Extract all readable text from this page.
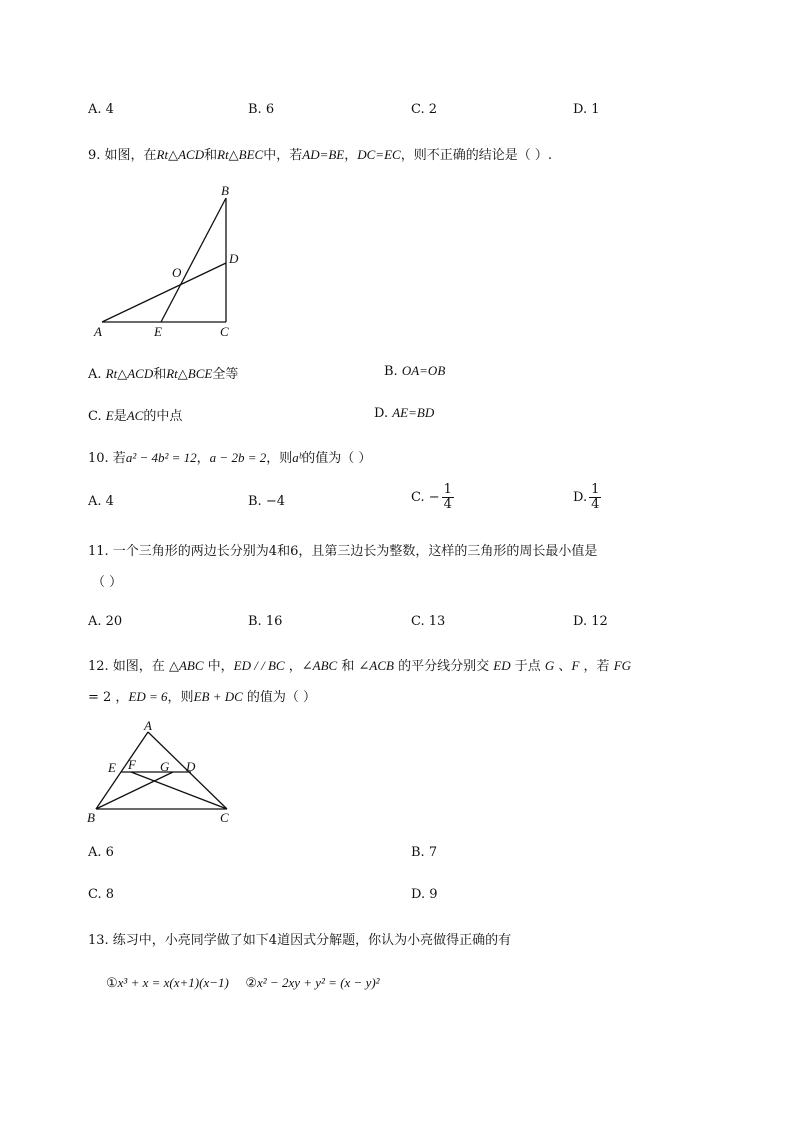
A. 4	B. 6	C. 2	D. 1
9. 如图，在Rt△ACD和Rt△BEC中，若AD=BE，DC=EC，则不正确的结论是（ ）.
B
D
O
A	E	C
A. Rt△ACD和Rt△BCE全等	B. OA=OB
C. E是AC的中点	D. AE=BD
10. 若a² − 4b² = 12，a − 2b = 2，则aᵇ的值为（ ）
A. 4	B. −4	C. − $\frac{1}{4}$	D. $\frac{1}{4}$
11. 一个三角形的两边长分别为4和6，且第三边长为整数，这样的三角形的周长最小值是
（ ）
A. 20	B. 16	C. 13	D. 12
12. 如图，在 △ABC 中，ED / / BC ，∠ABC 和 ∠ACB 的平分线分别交 ED 于点 G 、F ，若 FG
= 2 ，ED = 6，则EB + DC 的值为（ ）
A
E F G D
B	C
A. 6	B. 7
C. 8	D. 9
13. 练习中，小亮同学做了如下4道因式分解题，你认为小亮做得正确的有
①x³ + x = x(x+1)(x−1) ②x² − 2xy + y² = (x − y)²
